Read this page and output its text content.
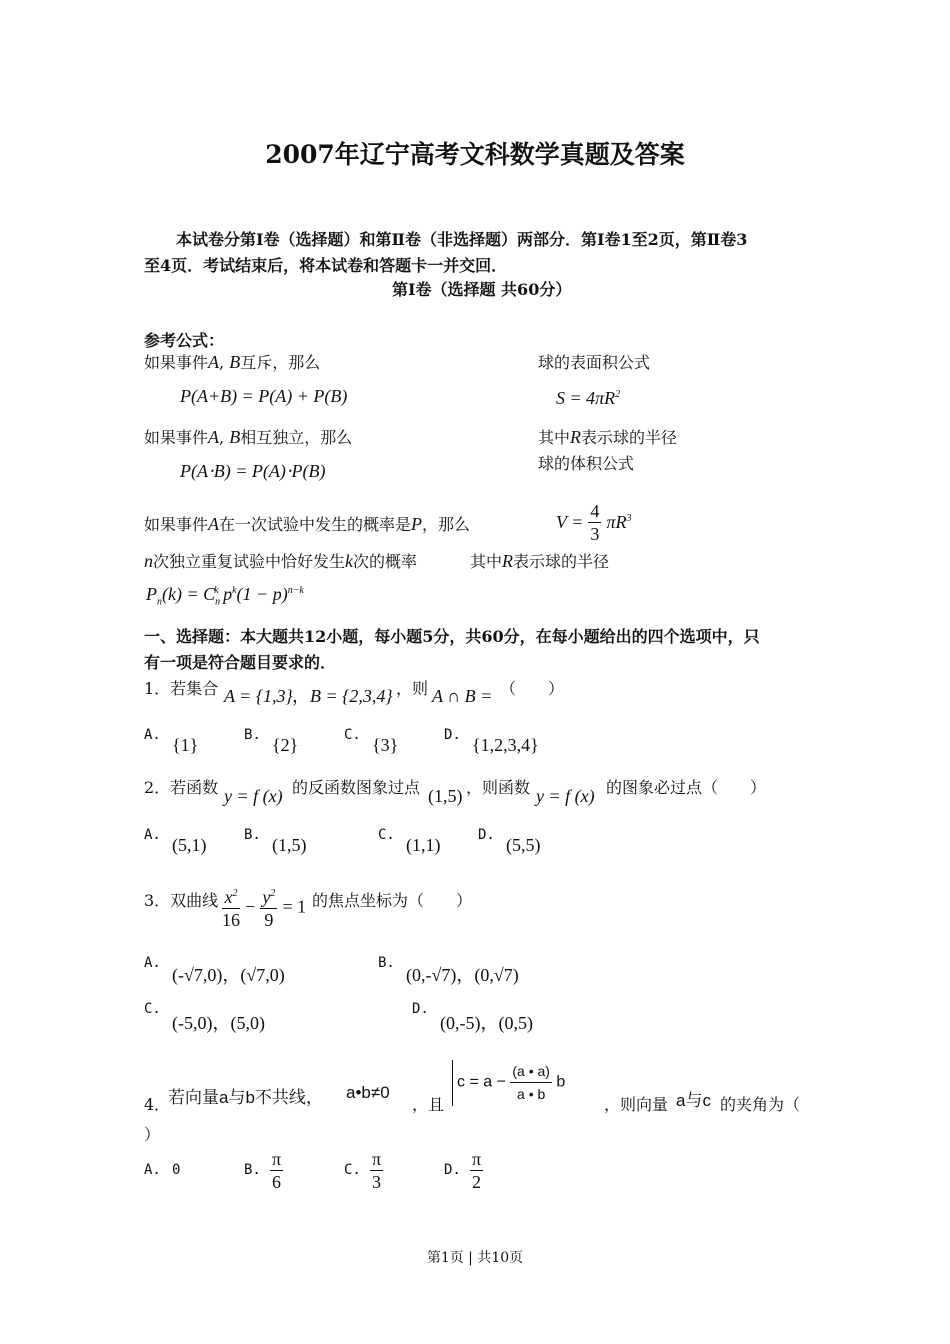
2007年辽宁高考文科数学真题及答案
本试卷分第Ⅰ卷（选择题）和第Ⅱ卷（非选择题）两部分．第Ⅰ卷1至2页，第Ⅱ卷3
至4页．考试结束后，将本试卷和答题卡一并交回．
第Ⅰ卷（选择题 共60分）
参考公式：
如果事件A, B互斥，那么
P(A+B) = P(A) + P(B)
如果事件A, B相互独立，那么
P(A⋅B) = P(A)⋅P(B)
如果事件A在一次试验中发生的概率是P，那么
n次独立重复试验中恰好发生k次的概率	其中R表示球的半径
$P_n(k) = C_n^k$ $p^k(1 - p)^{n-k}$
球的表面积公式
$S = 4\pi R^2$
其中R表示球的半径
球的体积公式
$V = \frac{4}{3} \pi R^3$
一、选择题：本大题共12小题，每小题5分，共60分，在每小题给出的四个选项中，只
有一项是符合题目要求的．
1．若集合 A = {1,3} ， B = {2,3,4} ，则 A ∩ B = （　　）
A. {1}	B. {2}	C. {3}	D. {1,2,3,4}
2．若函数 y = f (x) 的反函数图象过点 (1,5) ，则函数 y = f (x) 的图象必过点（　　）
A. (5,1)	B. (1,5)	C. (1,1)	D. (5,5)
3．双曲线 $\frac{x^2}{16} - \frac{y^2}{9} = 1$ 的焦点坐标为（　　）
A.
(-√7,0)，(√7,0)
B.
(0,-√7)，(0,√7)
C.
(-5,0)，(5,0)
D.
(0,-5)，(0,5)
4．
若向量a与b不共线， a•b≠0
，且
$c = a - \frac{(a • a)}{a • b}$ b
，则向量 a与c 的夹角为（
）
A. 0	B. $\frac{\pi}{6}$	C. $\frac{\pi}{3}$	D. $\frac{\pi}{2}$
第1页 | 共10页
